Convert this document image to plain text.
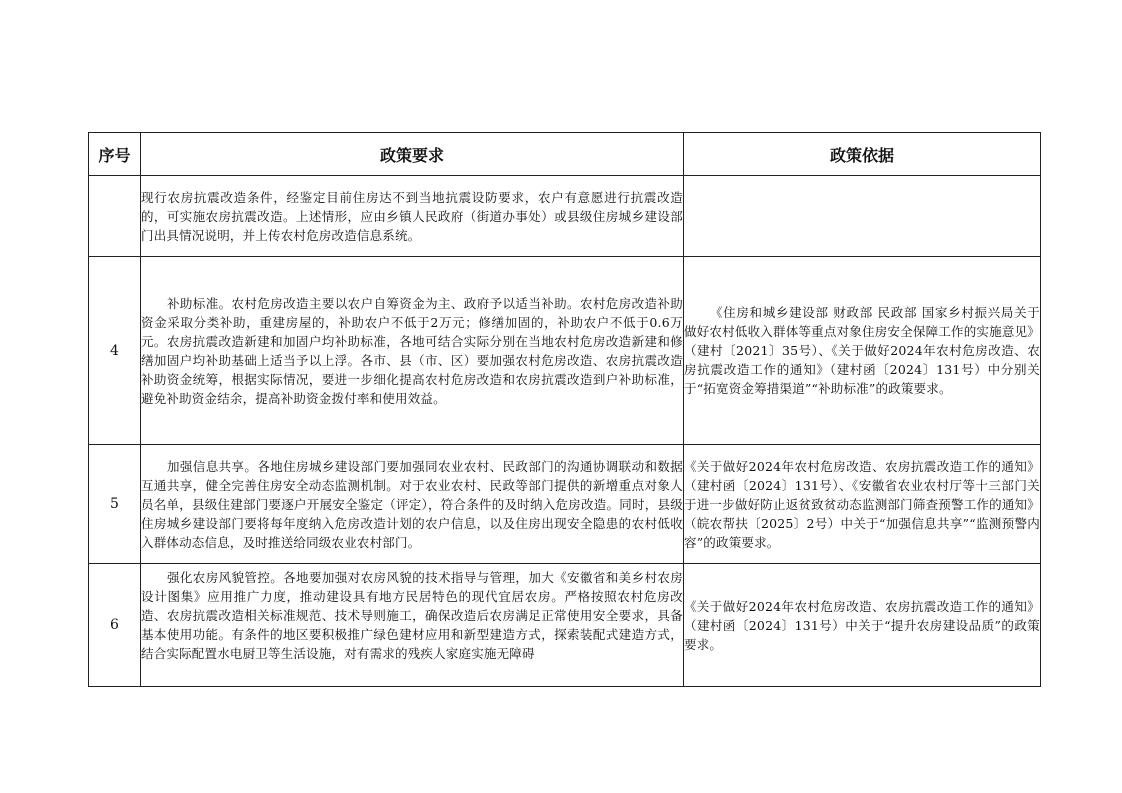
序号	政策要求	政策依据
	现行农房抗震改造条件，经鉴定目前住房达不到当地抗震设防要求，农户有意愿进行抗震改造的，可实施农房抗震改造。上述情形，应由乡镇人民政府（街道办事处）或县级住房城乡建设部门出具情况说明，并上传农村危房改造信息系统。	
4	补助标准。农村危房改造主要以农户自筹资金为主、政府予以适当补助。农村危房改造补助资金采取分类补助，重建房屋的，补助农户不低于2万元；修缮加固的，补助农户不低于0.6万元。农房抗震改造新建和加固户均补助标准，各地可结合实际分别在当地农村危房改造新建和修缮加固户均补助基础上适当予以上浮。各市、县（市、区）要加强农村危房改造、农房抗震改造补助资金统筹，根据实际情况，要进一步细化提高农村危房改造和农房抗震改造到户补助标准，避免补助资金结余，提高补助资金拨付率和使用效益。	《住房和城乡建设部 财政部 民政部 国家乡村振兴局关于做好农村低收入群体等重点对象住房安全保障工作的实施意见》（建村〔2021〕35号）、《关于做好2024年农村危房改造、农房抗震改造工作的通知》（建村函〔2024〕131号）中分别关于“拓宽资金筹措渠道”“补助标准”的政策要求。
5	加强信息共享。各地住房城乡建设部门要加强同农业农村、民政部门的沟通协调联动和数据互通共享，健全完善住房安全动态监测机制。对于农业农村、民政等部门提供的新增重点对象人员名单，县级住建部门要逐户开展安全鉴定（评定），符合条件的及时纳入危房改造。同时，县级住房城乡建设部门要将每年度纳入危房改造计划的农户信息，以及住房出现安全隐患的农村低收入群体动态信息，及时推送给同级农业农村部门。	《关于做好2024年农村危房改造、农房抗震改造工作的通知》（建村函〔2024〕131号）、《安徽省农业农村厅等十三部门关于进一步做好防止返贫致贫动态监测部门筛查预警工作的通知》（皖农帮扶〔2025〕2号）中关于“加强信息共享”“监测预警内容”的政策要求。
6	强化农房风貌管控。各地要加强对农房风貌的技术指导与管理，加大《安徽省和美乡村农房设计图集》应用推广力度，推动建设具有地方民居特色的现代宜居农房。严格按照农村危房改造、农房抗震改造相关标准规范、技术导则施工，确保改造后农房满足正常使用安全要求，具备基本使用功能。有条件的地区要积极推广绿色建材应用和新型建造方式，探索装配式建造方式，结合实际配置水电厨卫等生活设施，对有需求的残疾人家庭实施无障碍	《关于做好2024年农村危房改造、农房抗震改造工作的通知》（建村函〔2024〕131号）中关于“提升农房建设品质”的政策要求。
